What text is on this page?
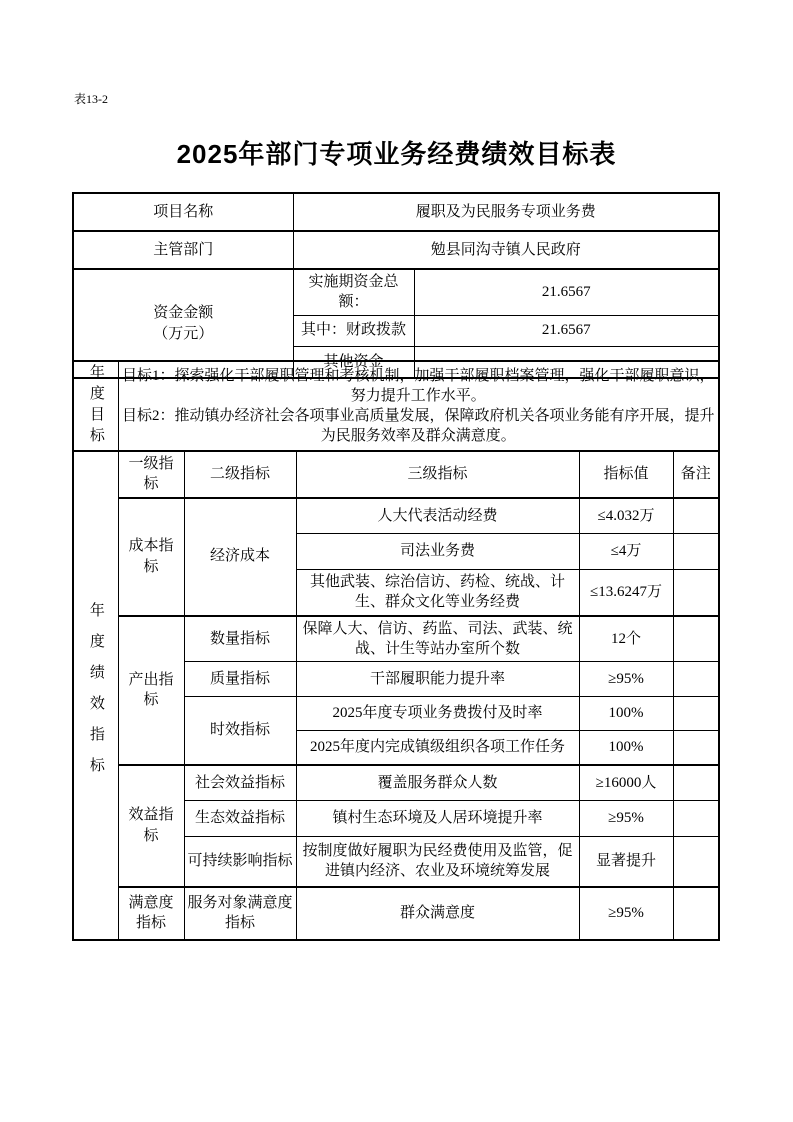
表13-2
2025年部门专项业务经费绩效目标表
项目名称	履职及为民服务专项业务费	
主管部门	勉县同沟寺镇人民政府	

资金金额
（万元）	实施期资金总额：	21.6567
	其中：财政拨款	21.6567
	其他资金	
年度目标	目标1：探索强化干部履职管理和考核机制，加强干部履职档案管理，强化干部履职意识，努力提升工作水平。
目标2：推动镇办经济社会各项事业高质量发展，保障政府机关各项业务能有序开展，提升为民服务效率及群众满意度。
年度绩效指标	一级指标	二级指标	三级指标	指标值	备注
	成本指标	经济成本	人大代表活动经费	≤4.032万	
			司法业务费	≤4万	
			其他武装、综治信访、药检、统战、计生、群众文化等业务经费	≤13.6247万	
	产出指标	数量指标	保障人大、信访、药监、司法、武装、统战、计生等站办室所个数	12个	
		质量指标	干部履职能力提升率	≥95%	
		时效指标	2025年度专项业务费拨付及时率	100%	
			2025年度内完成镇级组织各项工作任务	100%	
	效益指标	社会效益指标	覆盖服务群众人数	≥16000人	
		生态效益指标	镇村生态环境及人居环境提升率	≥95%	
		可持续影响指标	按制度做好履职为民经费使用及监管，促进镇内经济、农业及环境统筹发展	显著提升	
	满意度指标	服务对象满意度指标	群众满意度	≥95%	
